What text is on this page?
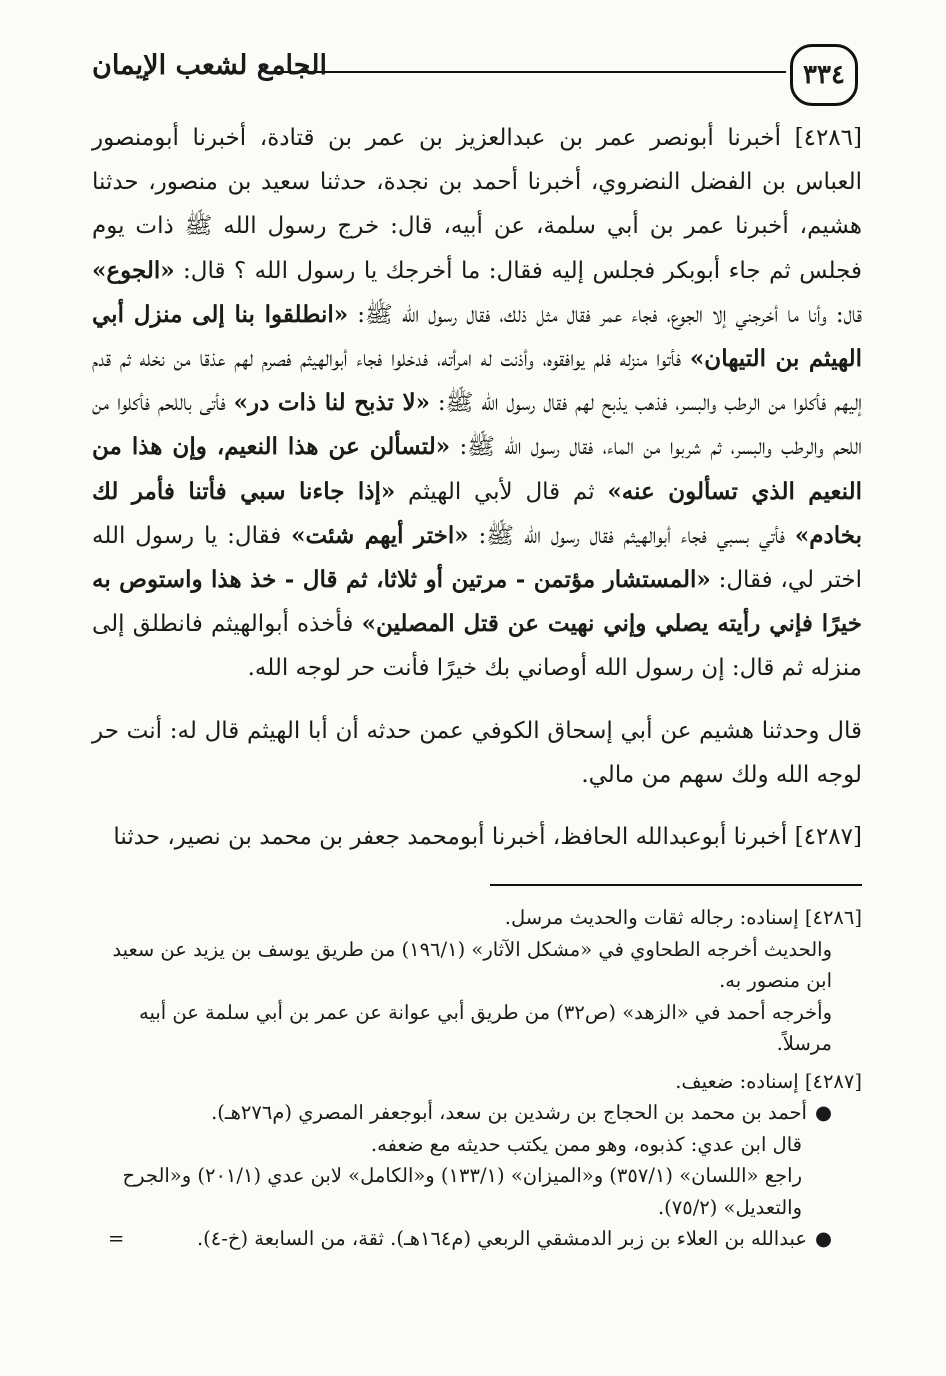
٣٣٤
الجامع لشعب الإيمان

[٤٢٨٦] أخبرنا أبونصر عمر بن عبدالعزيز بن عمر بن قتادة، أخبرنا أبومنصور العباس بن الفضل النضروي، أخبرنا أحمد بن نجدة، حدثنا سعيد بن منصور، حدثنا هشيم، أخبرنا عمر بن أبي سلمة، عن أبيه، قال: خرج رسول الله ﷺ ذات يوم فجلس ثم جاء أبوبكر فجلس إليه فقال: ما أخرجك يا رسول الله ؟ قال: «الجوع» قال: وأنا ما أخرجني إلا الجوع، فجاء عمر فقال مثل ذلك، فقال رسول الله ﷺ: «انطلقوا بنا إلى منزل أبي الهيثم بن التيهان» فأتوا منزله فلم يوافقوه، وأذنت له امرأته، فدخلوا فجاء أبوالهيثم فصرم لهم عذقا من نخله ثم قدم إليهم فأكلوا من الرطب والبسر، فذهب يذبح لهم فقال رسول الله ﷺ: «لا تذبح لنا ذات در» فأتى باللحم فأكلوا من اللحم والرطب والبسر، ثم شربوا من الماء، فقال رسول الله ﷺ: «لتسألن عن هذا النعيم، وإن هذا من النعيم الذي تسألون عنه» ثم قال لأبي الهيثم «إذا جاءنا سبي فأتنا فأمر لك بخادم» فأتي بسبي فجاء أبوالهيثم فقال رسول الله ﷺ: «اختر أيهم شئت» فقال: يا رسول الله اختر لي، فقال: «المستشار مؤتمن - مرتين أو ثلاثا، ثم قال - خذ هذا واستوص به خيرًا فإني رأيته يصلي وإني نهيت عن قتل المصلين» فأخذه أبوالهيثم فانطلق إلى منزله ثم قال: إن رسول الله أوصاني بك خيرًا فأنت حر لوجه الله.

قال وحدثنا هشيم عن أبي إسحاق الكوفي عمن حدثه أن أبا الهيثم قال له: أنت حر لوجه الله ولك سهم من مالي.

[٤٢٨٧] أخبرنا أبوعبدالله الحافظ، أخبرنا أبومحمد جعفر بن محمد بن نصير، حدثنا

[٤٢٨٦] إسناده: رجاله ثقات والحديث مرسل.

والحديث أخرجه الطحاوي في «مشكل الآثار» (١٩٦/١) من طريق يوسف بن يزيد عن سعيد ابن منصور به.

وأخرجه أحمد في «الزهد» (ص٣٢) من طريق أبي عوانة عن عمر بن أبي سلمة عن أبيه مرسلاً.

[٤٢٨٧] إسناده: ضعيف.

●أحمد بن محمد بن الحجاج بن رشدين بن سعد، أبوجعفر المصري (م٢٧٦هـ).

قال ابن عدي: كذبوه، وهو ممن يكتب حديثه مع ضعفه.

راجع «اللسان» (٣٥٧/١) و«الميزان» (١٣٣/١) و«الكامل» لابن عدي (٢٠١/١) و«الجرح والتعديل» (٧٥/٢).

=	●عبدالله بن العلاء بن زبر الدمشقي الربعي (م١٦٤هـ). ثقة، من السابعة (خ-٤).
